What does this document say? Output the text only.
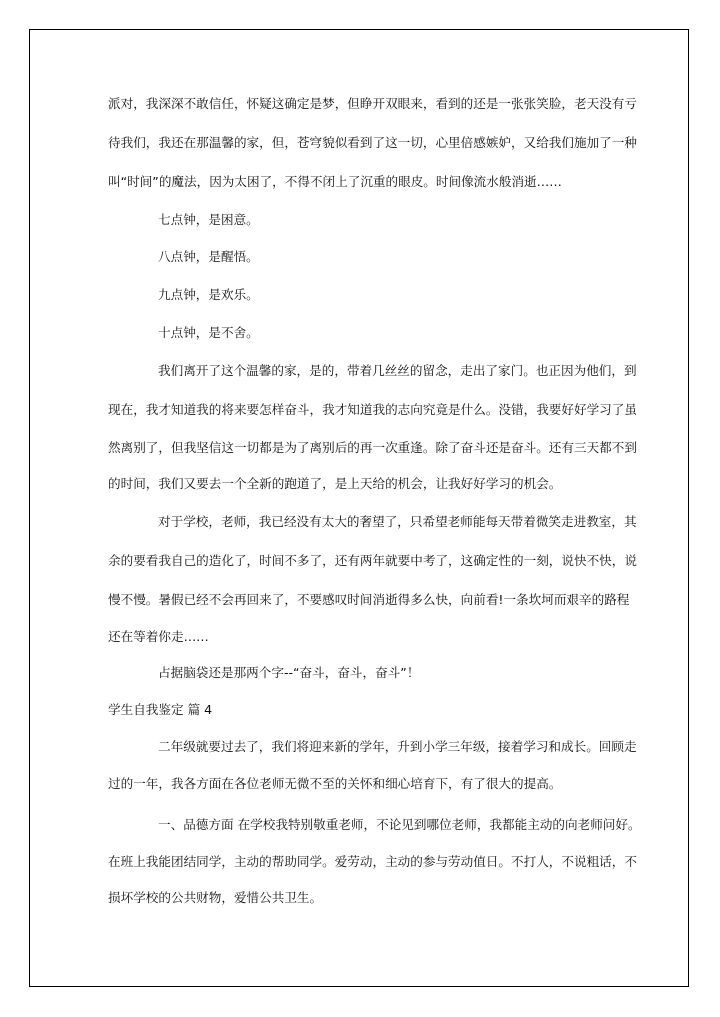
派对，我深深不敢信任，怀疑这确定是梦，但睁开双眼来，看到的还是一张张笑脸，老天没有亏
待我们，我还在那温馨的家，但，苍穹貌似看到了这一切，心里倍感嫉妒，又给我们施加了一种
叫“时间”的魔法，因为太困了，不得不闭上了沉重的眼皮。时间像流水般消逝……
七点钟，是困意。
八点钟，是醒悟。
九点钟，是欢乐。
十点钟，是不舍。
我们离开了这个温馨的家，是的，带着几丝丝的留念，走出了家门。也正因为他们，到
现在，我才知道我的将来要怎样奋斗，我才知道我的志向究竟是什么。没错，我要好好学习了虽
然离别了，但我坚信这一切都是为了离别后的再一次重逢。除了奋斗还是奋斗。还有三天都不到
的时间，我们又要去一个全新的跑道了，是上天给的机会，让我好好学习的机会。
对于学校，老师，我已经没有太大的奢望了，只希望老师能每天带着微笑走进教室，其
余的要看我自己的造化了，时间不多了，还有两年就要中考了，这确定性的一刻，说快不快，说
慢不慢。暑假已经不会再回来了，不要感叹时间消逝得多么快，向前看!一条坎坷而艰辛的路程
还在等着你走……
占据脑袋还是那两个字--“奋斗，奋斗，奋斗”！
学生自我鉴定 篇 4
二年级就要过去了，我们将迎来新的学年，升到小学三年级，接着学习和成长。回顾走
过的一年，我各方面在各位老师无微不至的关怀和细心培育下，有了很大的提高。
一、品德方面 在学校我特别敬重老师，不论见到哪位老师，我都能主动的向老师问好。
在班上我能团结同学，主动的帮助同学。爱劳动，主动的参与劳动值日。不打人，不说粗话，不
损坏学校的公共财物，爱惜公共卫生。
